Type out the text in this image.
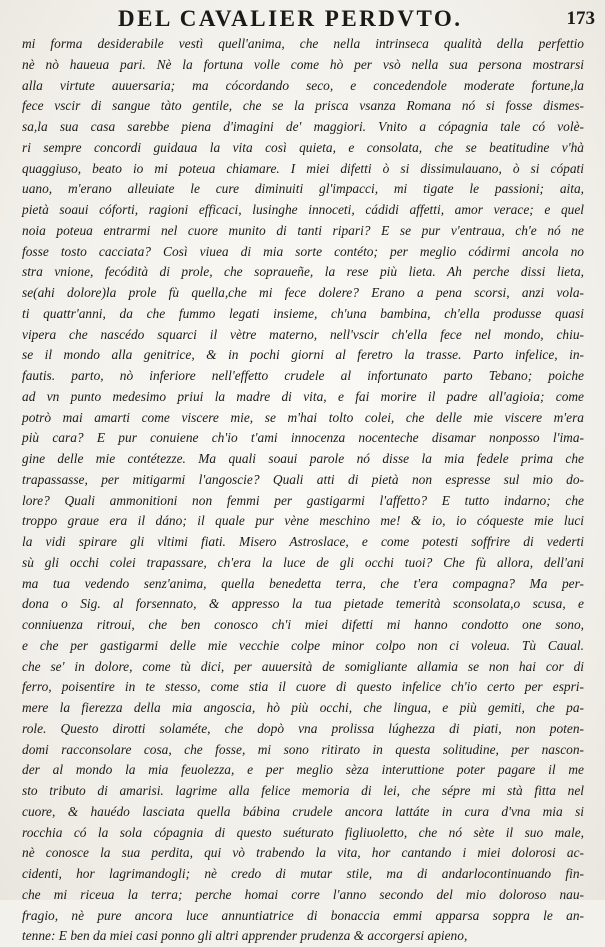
DEL CAVALIER PERDVTO.	173
mi forma desiderabile vestì quell'anima, che nella intrinseca qualità della perfettio
nè nò haueua pari. Nè la fortuna volle come hò per vsò nella sua persona mostrarsi
alla virtute auuersaria; ma cócordando seco, e concedendole moderate fortune,la
fece vscir di sangue tàto gentile, che se la prisca vsanza Romana nó si fosse dismes-
sa,la sua casa sarebbe piena d'imagini de' maggiori. Vnito a cópagnia tale có volè-
ri sempre concordi guidaua la vita così quieta, e consolata, che se beatitudine v'hà
quaggiuso, beato io mi poteua chiamare. I miei difetti ò si dissimulauano, ò si cópati
uano, m'erano alleuiate le cure diminuiti gl'impacci, mi tigate le passioni; aita,
pietà soaui cóforti, ragioni efficaci, lusinghe innoceti, cádidi affetti, amor verace; e quel
noia poteua entrarmi nel cuore munito di tanti ripari? E se pur v'entraua, ch'e nó ne
fosse tosto cacciata? Così viuea di mia sorte contéto; per meglio códirmi ancola no
stra vnione, fecódità di prole, che sopraueñe, la rese più lieta. Ah perche dissi lieta,
se(ahi dolore)la prole fù quella,che mi fece dolere? Erano a pena scorsi, anzi vola-
ti quattr'anni, da che fummo legati insieme, ch'una bambina, ch'ella produsse quasi
vipera che nascédo squarci il vètre materno, nell'vscir ch'ella fece nel mondo, chiu-
se il mondo alla genitrice, & in pochi giorni al feretro la trasse. Parto infelice, in-
fautis. parto, nò inferiore nell'effetto crudele al infortunato parto Tebano; poiche
ad vn punto medesimo priui la madre di vita, e fai morire il padre all'agioia; come
potrò mai amarti come viscere mie, se m'hai tolto colei, che delle mie viscere m'era
più cara? E pur conuiene ch'io t'ami innocenza nocenteche disamar nonposso l'ima-
gine delle mie contétezze. Ma quali soaui parole nó disse la mia fedele prima che
trapassasse, per mitigarmi l'angoscie? Quali atti di pietà non espresse sul mio do-
lore? Quali ammonitioni non femmi per gastigarmi l'affetto? E tutto indarno; che
troppo graue era il dáno; il quale pur vène meschino me! & io, io cóqueste mie luci
la vidi spirare gli vltimi fiati. Misero Astroslace, e come potesti soffrire di vederti
sù gli occhi colei trapassare, ch'era la luce de gli occhi tuoi? Che fù allora, dell'ani
ma tua vedendo senz'anima, quella benedetta terra, che t'era compagna? Ma per-
dona o Sig. al forsennato, & appresso la tua pietade temerità sconsolata,o scusa, e
conniuenza ritroui, che ben conosco ch'i miei difetti mi hanno condotto one sono,
e che per gastigarmi delle mie vecchie colpe minor colpo non ci voleua. Tù Caual.
che se' in dolore, come tù dici, per auuersità de somigliante allamia se non hai cor di
ferro, poisentire in te stesso, come stia il cuore di questo infelice ch'io certo per espri-
mere la fierezza della mia angoscia, hò più occhi, che lingua, e più gemiti, che pa-
role. Questo dirotti solaméte, che dopò vna prolissa lúghezza di piati, non poten-
domi racconsolare cosa, che fosse, mi sono ritirato in questa solitudine, per nascon-
der al mondo la mia feuolezza, e per meglio sèza interuttione poter pagare il me
sto tributo di amarisi. lagrime alla felice memoria di lei, che sépre mi stà fitta nel
cuore, & hauédo lasciata quella bábina crudele ancora lattáte in cura d'vna mia si
rocchia có la sola cópagnia di questo suéturato figliuoletto, che nó sète il suo male,
nè conosce la sua perdita, qui vò trabendo la vita, hor cantando i miei dolorosi ac-
cidenti, hor lagrimandogli; nè credo di mutar stile, ma di andarlocontinuando fin-
che mi riceua la terra; perche homai corre l'anno secondo del mio doloroso nau-
fragio, nè pure ancora luce annuntiatrice di bonaccia emmi apparsa soppra le an-
tenne: E ben da miei casi ponno gli altri apprender prudenza & accorgersi apieno,
